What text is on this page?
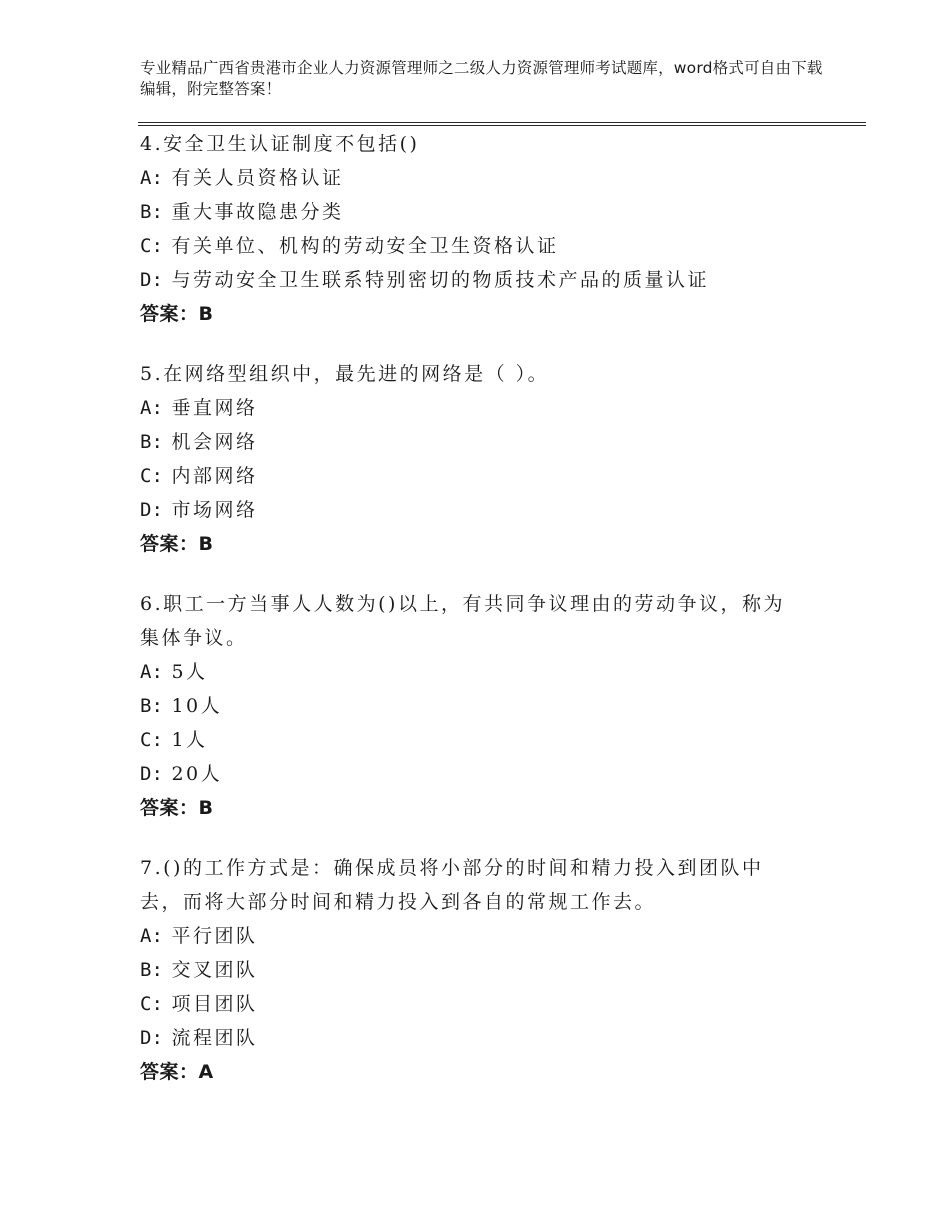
专业精品广西省贵港市企业人力资源管理师之二级人力资源管理师考试题库，word格式可自由下载编辑，附完整答案！
4.安全卫生认证制度不包括()
A: 有关人员资格认证
B: 重大事故隐患分类
C: 有关单位、机构的劳动安全卫生资格认证
D: 与劳动安全卫生联系特别密切的物质技术产品的质量认证
答案：B
5.在网络型组织中，最先进的网络是（ ）。
A: 垂直网络
B: 机会网络
C: 内部网络
D: 市场网络
答案：B
6.职工一方当事人人数为()以上，有共同争议理由的劳动争议，称为集体争议。
A: 5人
B: 10人
C: 1人
D: 20人
答案：B
7.()的工作方式是：确保成员将小部分的时间和精力投入到团队中去，而将大部分时间和精力投入到各自的常规工作去。
A: 平行团队
B: 交叉团队
C: 项目团队
D: 流程团队
答案：A
